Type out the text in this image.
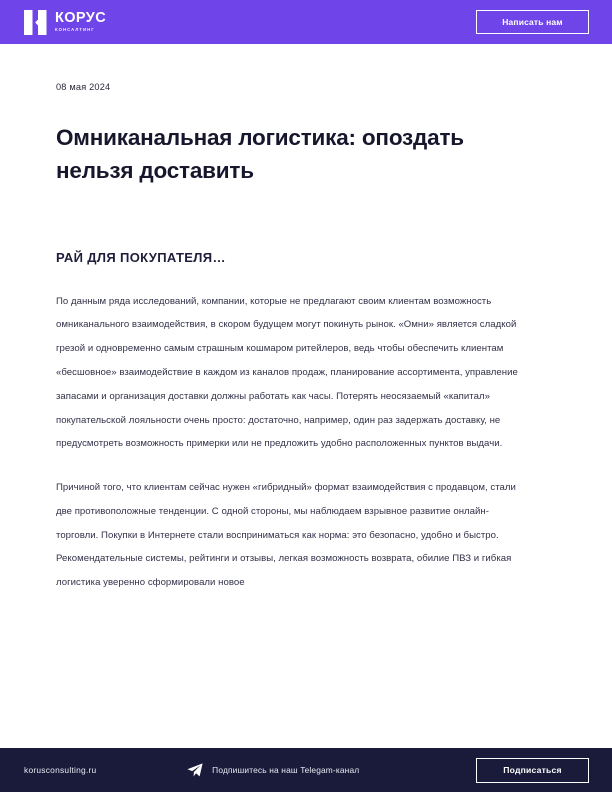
КОРУС
КОНСАЛТИНГ
Написать нам
08 мая 2024
Омниканальная логистика: опоздать нельзя доставить
РАЙ ДЛЯ ПОКУПАТЕЛЯ…

По данным ряда исследований, компании, которые не предлагают своим клиентам возможность омниканального взаимодействия, в скором будущем могут покинуть рынок. «Омни» является сладкой грезой и одновременно самым страшным кошмаром ритейлеров, ведь чтобы обеспечить клиентам «бесшовное» взаимодействие в каждом из каналов продаж, планирование ассортимента, управление запасами и организация доставки должны работать как часы. Потерять неосязаемый «капитал» покупательской лояльности очень просто: достаточно, например, один раз задержать доставку, не предусмотреть возможность примерки или не предложить удобно расположенных пунктов выдачи.

Причиной того, что клиентам сейчас нужен «гибридный» формат взаимодействия с продавцом, стали две противоположные тенденции. С одной стороны, мы наблюдаем взрывное развитие онлайн-торговли. Покупки в Интернете стали восприниматься как норма: это безопасно, удобно и быстро. Рекомендательные системы, рейтинги и отзывы, легкая возможность возврата, обилие ПВЗ и гибкая логистика уверенно сформировали новое

korusconsulting.ru	Подпишитесь на наш Telegam-канал	Подписаться
